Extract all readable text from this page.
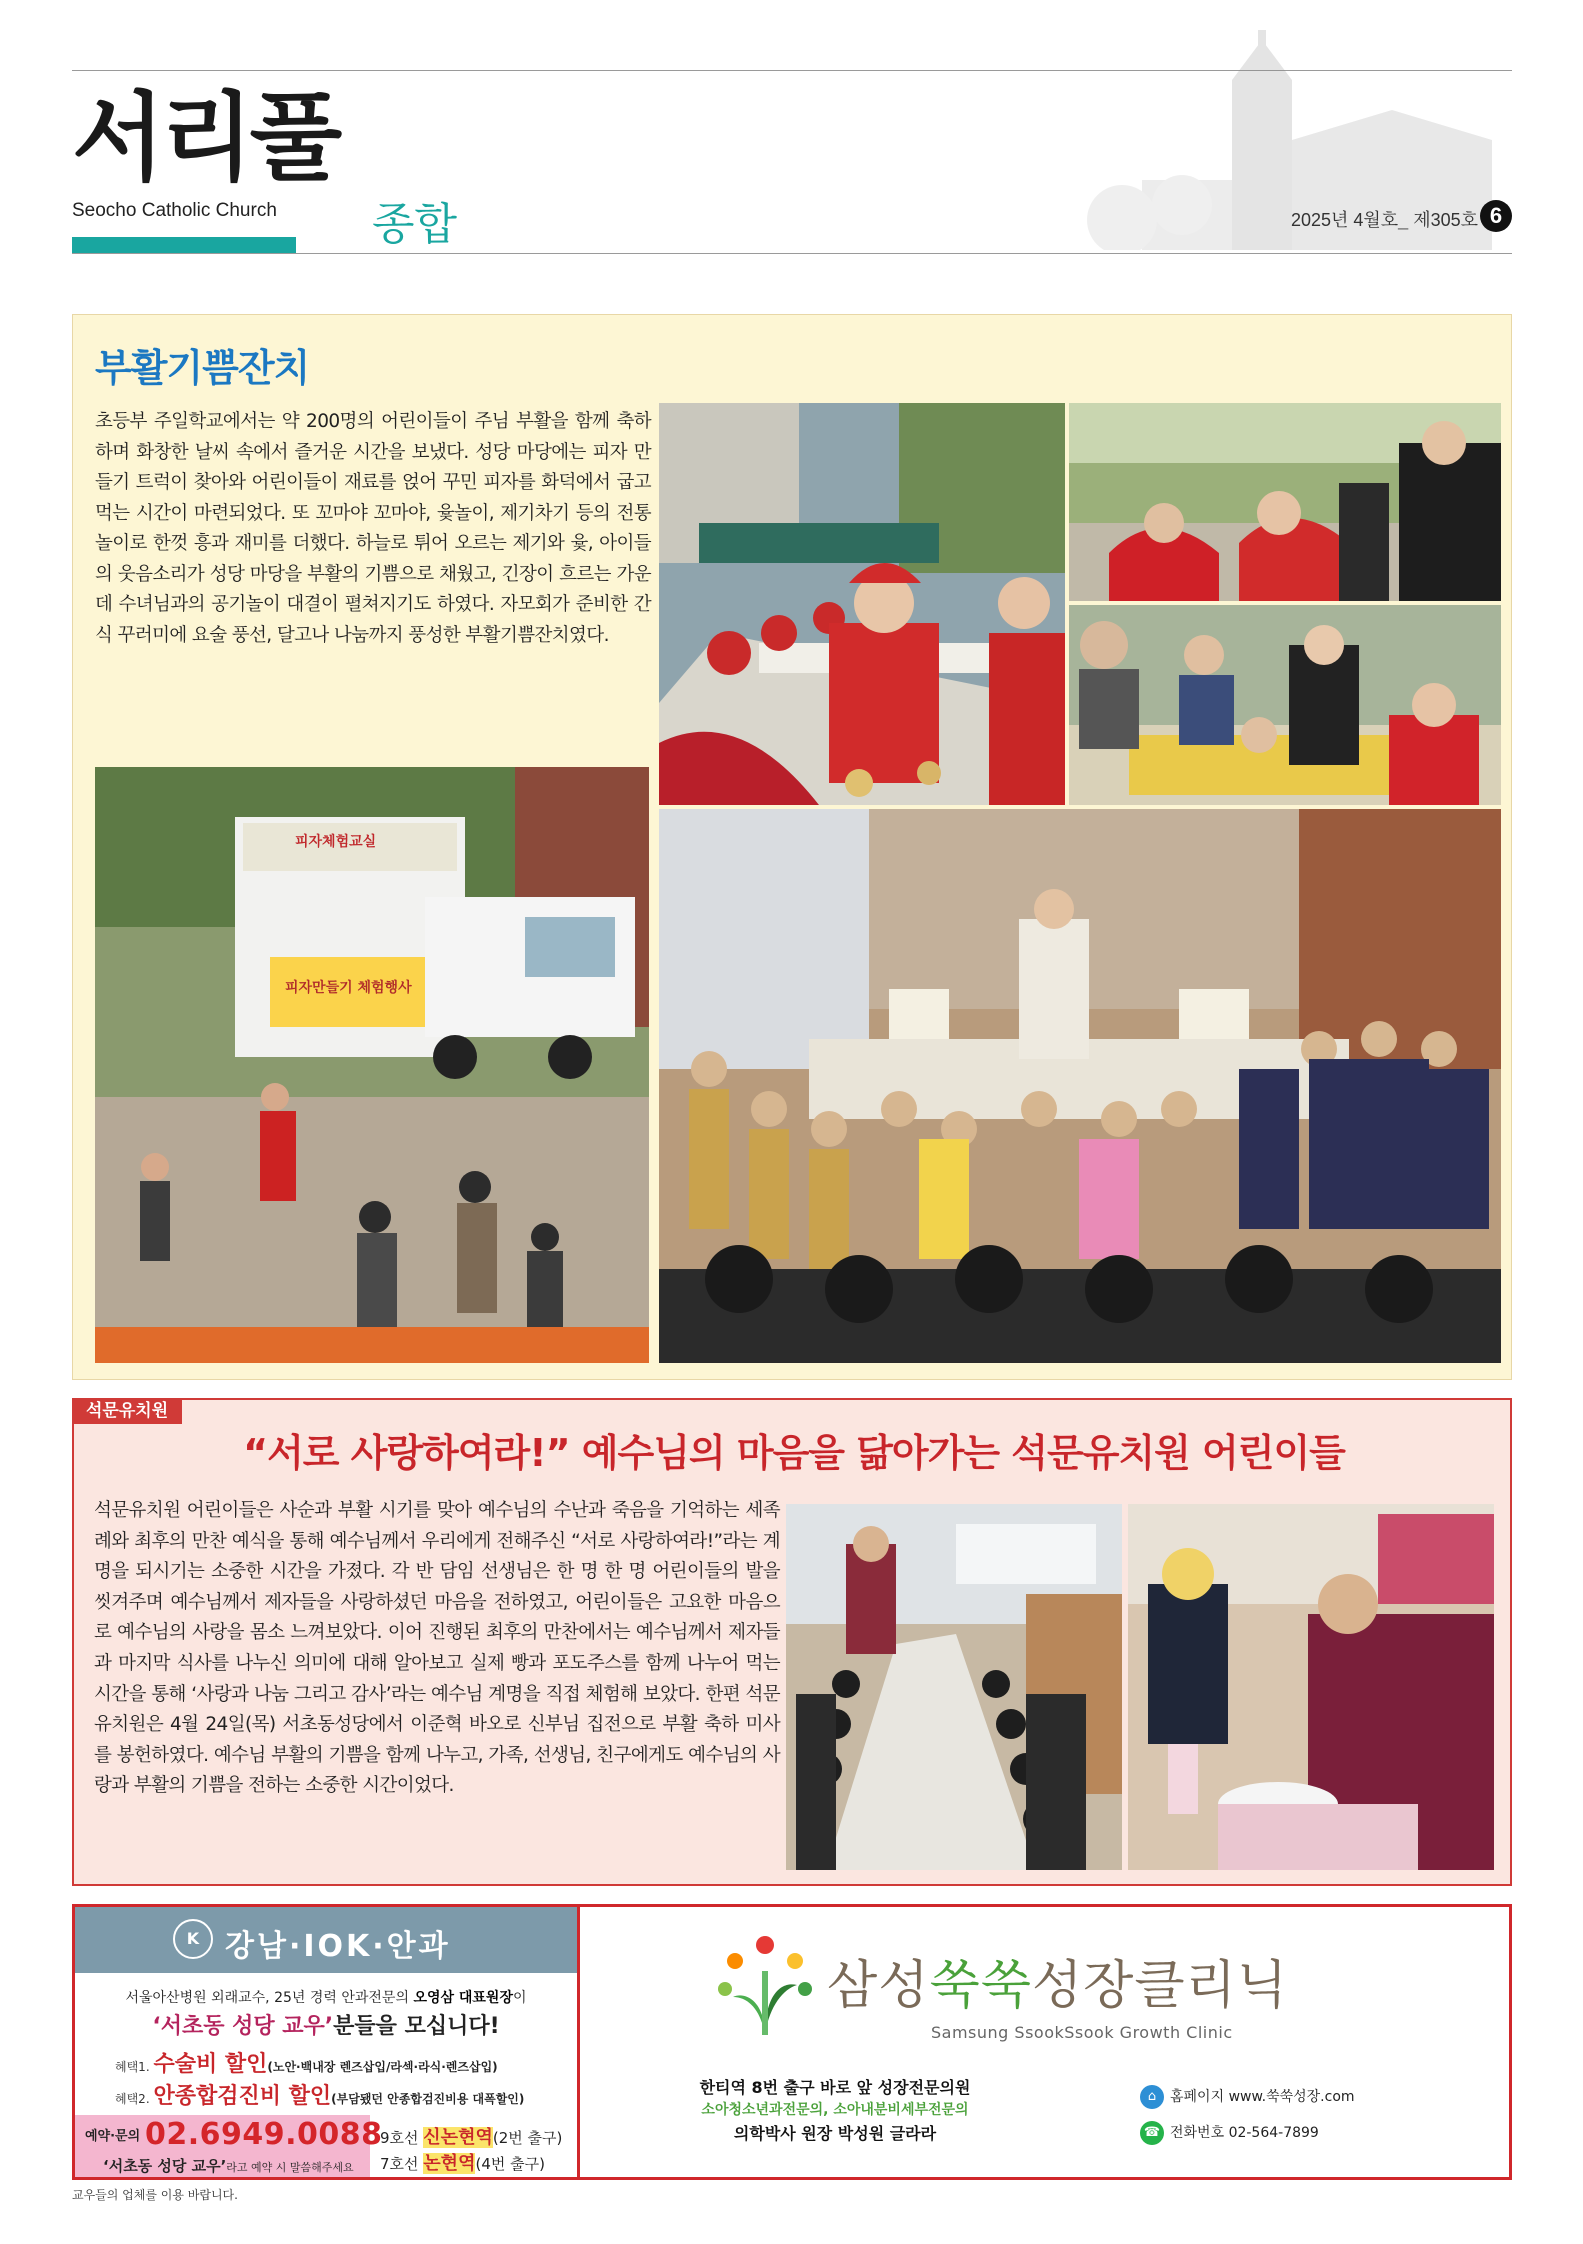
서리풀
Seocho Catholic Church 종합	2025년 4월호_ 제305호 6
부활기쁨잔치
초등부 주일학교에서는 약 200명의 어린이들이 주님 부활을 함께 축하하며 화창한 날씨 속에서 즐거운 시간을 보냈다. 성당 마당에는 피자 만들기 트럭이 찾아와 어린이들이 재료를 얹어 꾸민 피자를 화덕에서 굽고 먹는 시간이 마련되었다. 또 꼬마야 꼬마야, 윷놀이, 제기차기 등의 전통놀이로 한껏 흥과 재미를 더했다. 하늘로 튀어 오르는 제기와 윷, 아이들의 웃음소리가 성당 마당을 부활의 기쁨으로 채웠고, 긴장이 흐르는 가운데 수녀님과의 공기놀이 대결이 펼쳐지기도 하였다. 자모회가 준비한 간식 꾸러미에 요술 풍선, 달고나 나눔까지 풍성한 부활기쁨잔치였다.
피자체험교실
피자만들기 체험행사
석문유치원
“서로 사랑하여라!” 예수님의 마음을 닮아가는 석문유치원 어린이들
석문유치원 어린이들은 사순과 부활 시기를 맞아 예수님의 수난과 죽음을 기억하는 세족례와 최후의 만찬 예식을 통해 예수님께서 우리에게 전해주신 “서로 사랑하여라!”라는 계명을 되시기는 소중한 시간을 가졌다. 각 반 담임 선생님은 한 명 한 명 어린이들의 발을 씻겨주며 예수님께서 제자들을 사랑하셨던 마음을 전하였고, 어린이들은 고요한 마음으로 예수님의 사랑을 몸소 느껴보았다. 이어 진행된 최후의 만찬에서는 예수님께서 제자들과 마지막 식사를 나누신 의미에 대해 알아보고 실제 빵과 포도주스를 함께 나누어 먹는 시간을 통해 ‘사랑과 나눔 그리고 감사’라는 예수님 계명을 직접 체험해 보았다. 한편 석문유치원은 4월 24일(목) 서초동성당에서 이준혁 바오로 신부님 집전으로 부활 축하 미사를 봉헌하였다. 예수님 부활의 기쁨을 함께 나누고, 가족, 선생님, 친구에게도 예수님의 사랑과 부활의 기쁨을 전하는 소중한 시간이었다.
K 강남·IOK·안과
서울아산병원 외래교수, 25년 경력 안과전문의 오영삼 대표원장이
‘서초동 성당 교우’분들을 모십니다!
혜택1. 수술비 할인(노안·백내장 렌즈삽입/라섹·라식·렌즈삽입)
혜택2. 안종합검진비 할인(부담됐던 안종합검진비용 대폭할인)
예약·문의 02.6949.0088
‘서초동 성당 교우’라고 예약 시 말씀해주세요
9호선 신논현역(2번 출구)
7호선 논현역(4번 출구)
삼성쑥쑥성장클리닉
Samsung SsookSsook Growth Clinic
한티역 8번 출구 바로 앞 성장전문의원
소아청소년과전문의, 소아내분비세부전문의
의학박사 원장 박성원 글라라
⌂ 홈페이지 www.쑥쑥성장.com
☎ 전화번호 02-564-7899
교우들의 업체를 이용 바랍니다.
